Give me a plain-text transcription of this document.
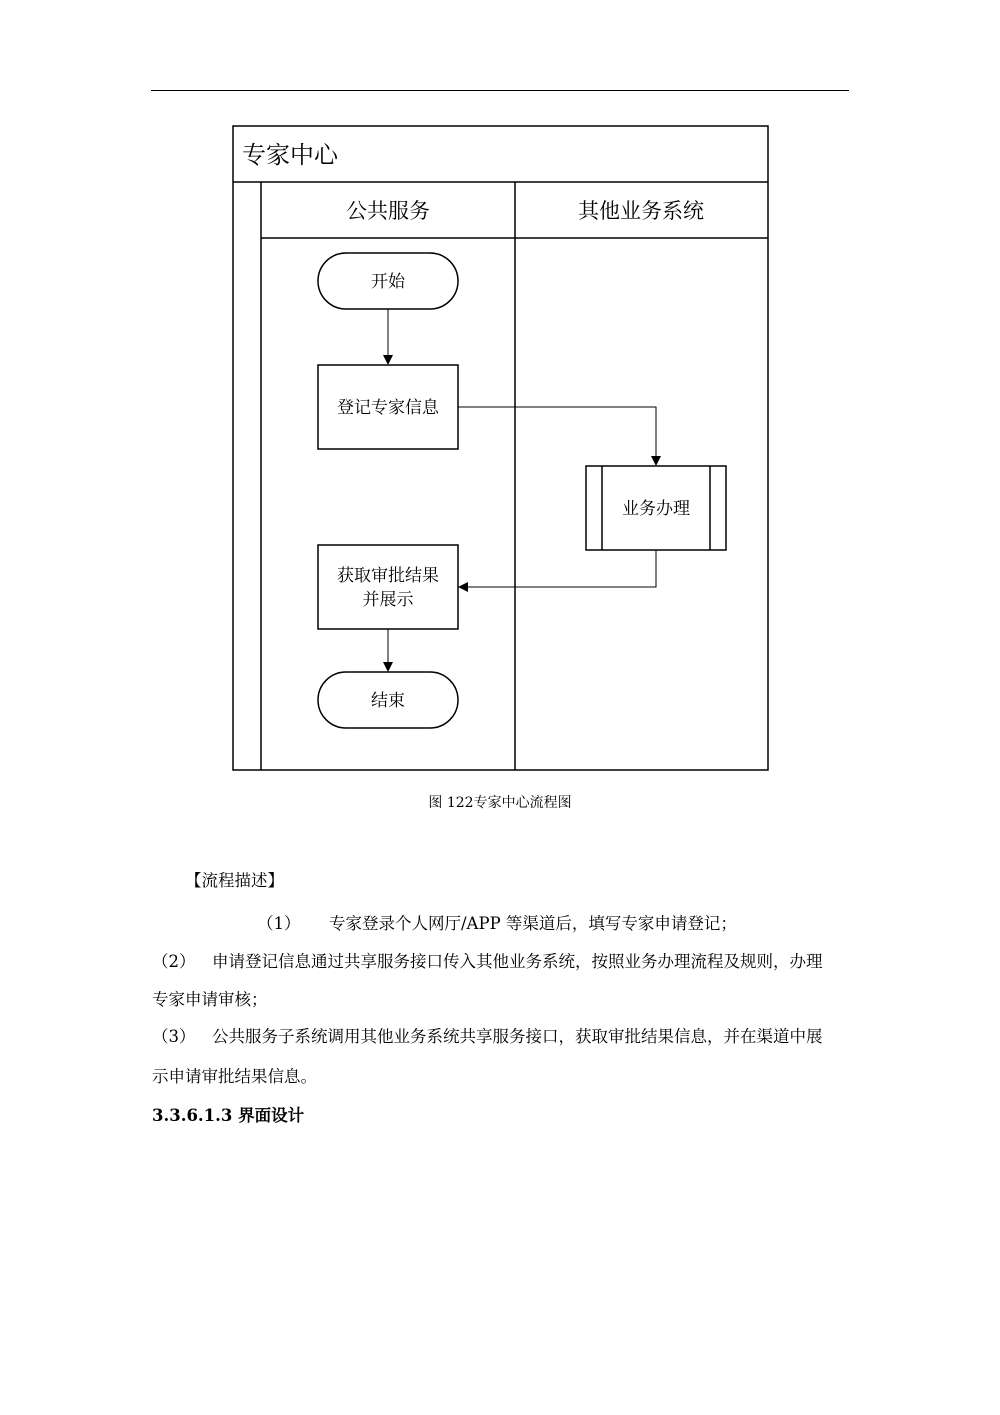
专家中心
公共服务	其他业务系统
开始
登记专家信息
业务办理
获取审批结果
并展示
结束
图 122专家中心流程图
【流程描述】
（1） 专家登录个人网厅/APP 等渠道后，填写专家申请登记；
（2） 申请登记信息通过共享服务接口传入其他业务系统，按照业务办理流程及规则，办理
专家申请审核；
（3） 公共服务子系统调用其他业务系统共享服务接口，获取审批结果信息，并在渠道中展
示申请审批结果信息。
3.3.6.1.3 界面设计
